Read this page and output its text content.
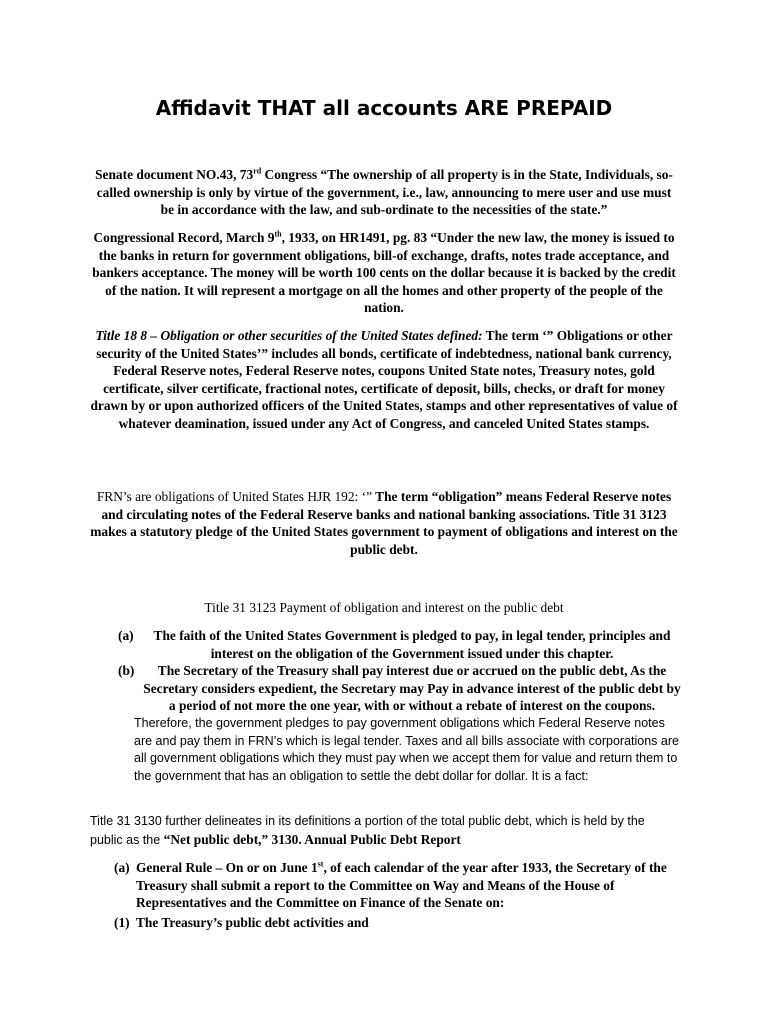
Affidavit THAT all accounts ARE PREPAID

Senate document NO.43, 73rd Congress “The ownership of all property is in the State, Individuals, so-called ownership is only by virtue of the government, i.e., law, announcing to mere user and use must be in accordance with the law, and sub-ordinate to the necessities of the state.”

Congressional Record, March 9th, 1933, on HR1491, pg. 83 “Under the new law, the money is issued to the banks in return for government obligations, bill-of exchange, drafts, notes trade acceptance, and bankers acceptance. The money will be worth 100 cents on the dollar because it is backed by the credit of the nation. It will represent a mortgage on all the homes and other property of the people of the nation.

Title 18 8 – Obligation or other securities of the United States defined: The term ‘” Obligations or other security of the United States’” includes all bonds, certificate of indebtedness, national bank currency, Federal Reserve notes, Federal Reserve notes, coupons United State notes, Treasury notes, gold certificate, silver certificate, fractional notes, certificate of deposit, bills, checks, or draft for money drawn by or upon authorized officers of the United States, stamps and other representatives of value of whatever deamination, issued under any Act of Congress, and canceled United States stamps.

FRN’s are obligations of United States HJR 192: ‘” The term “obligation” means Federal Reserve notes and circulating notes of the Federal Reserve banks and national banking associations. Title 31 3123 makes a statutory pledge of the United States government to payment of obligations and interest on the public debt.

Title 31 3123 Payment of obligation and interest on the public debt

(a)	The faith of the United States Government is pledged to pay, in legal tender, principles and interest on the obligation of the Government issued under this chapter.
(b)	The Secretary of the Treasury shall pay interest due or accrued on the public debt, As the Secretary considers expedient, the Secretary may Pay in advance interest of the public debt by a period of not more the one year, with or without a rebate of interest on the coupons.

Therefore, the government pledges to pay government obligations which Federal Reserve notes are and pay them in FRN’s which is legal tender. Taxes and all bills associate with corporations are all government obligations which they must pay when we accept them for value and return them to the government that has an obligation to settle the debt dollar for dollar. It is a fact:

Title 31 3130 further delineates in its definitions a portion of the total public debt, which is held by the public as the “Net public debt,” 3130. Annual Public Debt Report

(a) General Rule – On or on June 1st, of each calendar of the year after 1933, the Secretary of the Treasury shall submit a report to the Committee on Way and Means of the House of Representatives and the Committee on Finance of the Senate on:
(1) The Treasury’s public debt activities and
